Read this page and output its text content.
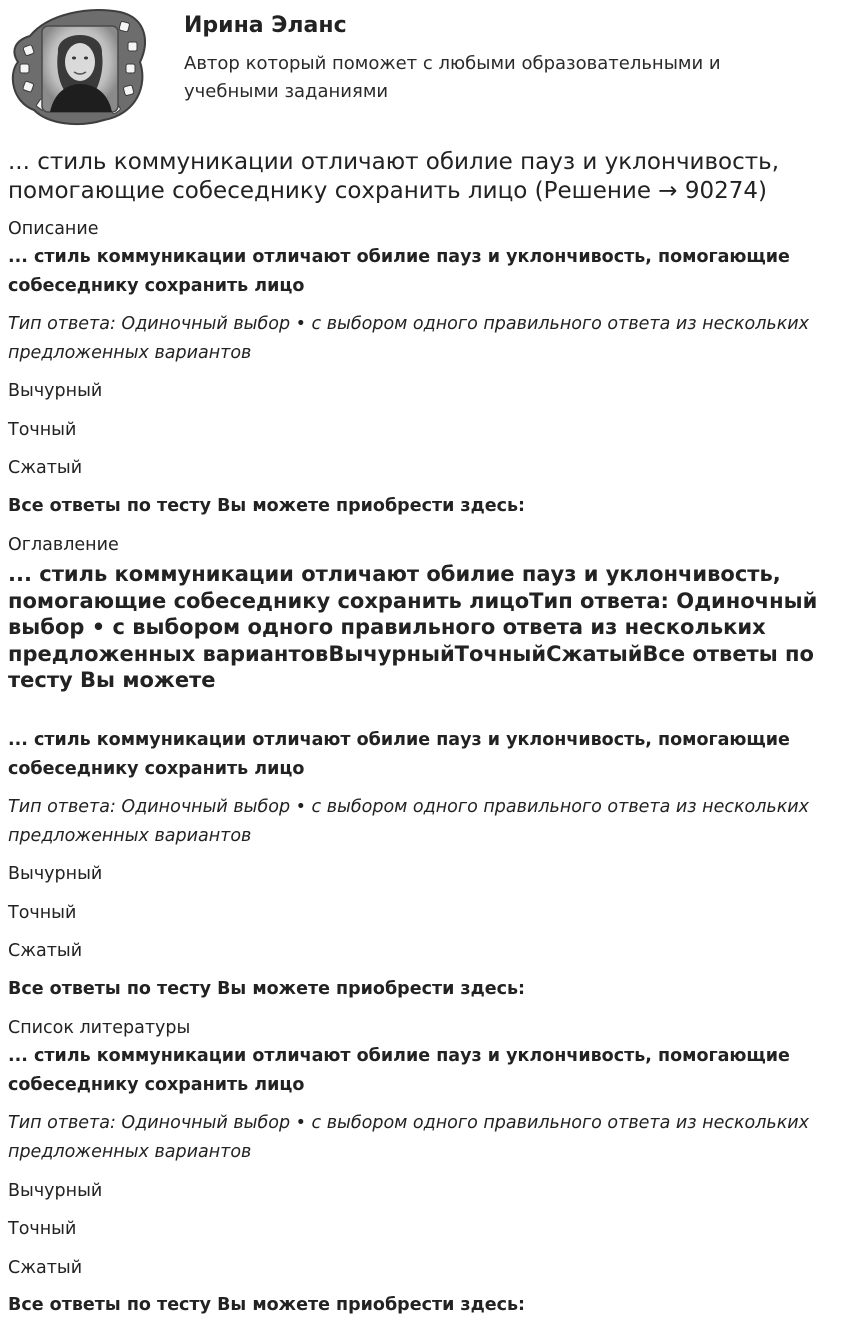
Ирина Эланс
Автор который поможет с любыми образовательными и учебными заданиями
... стиль коммуникации отличают обилие пауз и уклончивость, помогающие собеседнику сохранить лицо (Решение → 90274)
Описание
... стиль коммуникации отличают обилие пауз и уклончивость, помогающие собеседнику сохранить лицо
Тип ответа: Одиночный выбор • с выбором одного правильного ответа из нескольких предложенных вариантов
Вычурный
Точный
Сжатый
Все ответы по тесту Вы можете приобрести здесь:
Оглавление
... стиль коммуникации отличают обилие пауз и уклончивость, помогающие собеседнику сохранить лицоТип ответа: Одиночный выбор • с выбором одного правильного ответа из нескольких предложенных вариантовВычурныйТочныйСжатыйВсе ответы по тесту Вы можете
... стиль коммуникации отличают обилие пауз и уклончивость, помогающие собеседнику сохранить лицо
Тип ответа: Одиночный выбор • с выбором одного правильного ответа из нескольких предложенных вариантов
Вычурный
Точный
Сжатый
Все ответы по тесту Вы можете приобрести здесь:
Список литературы
... стиль коммуникации отличают обилие пауз и уклончивость, помогающие собеседнику сохранить лицо
Тип ответа: Одиночный выбор • с выбором одного правильного ответа из нескольких предложенных вариантов
Вычурный
Точный
Сжатый
Все ответы по тесту Вы можете приобрести здесь:
